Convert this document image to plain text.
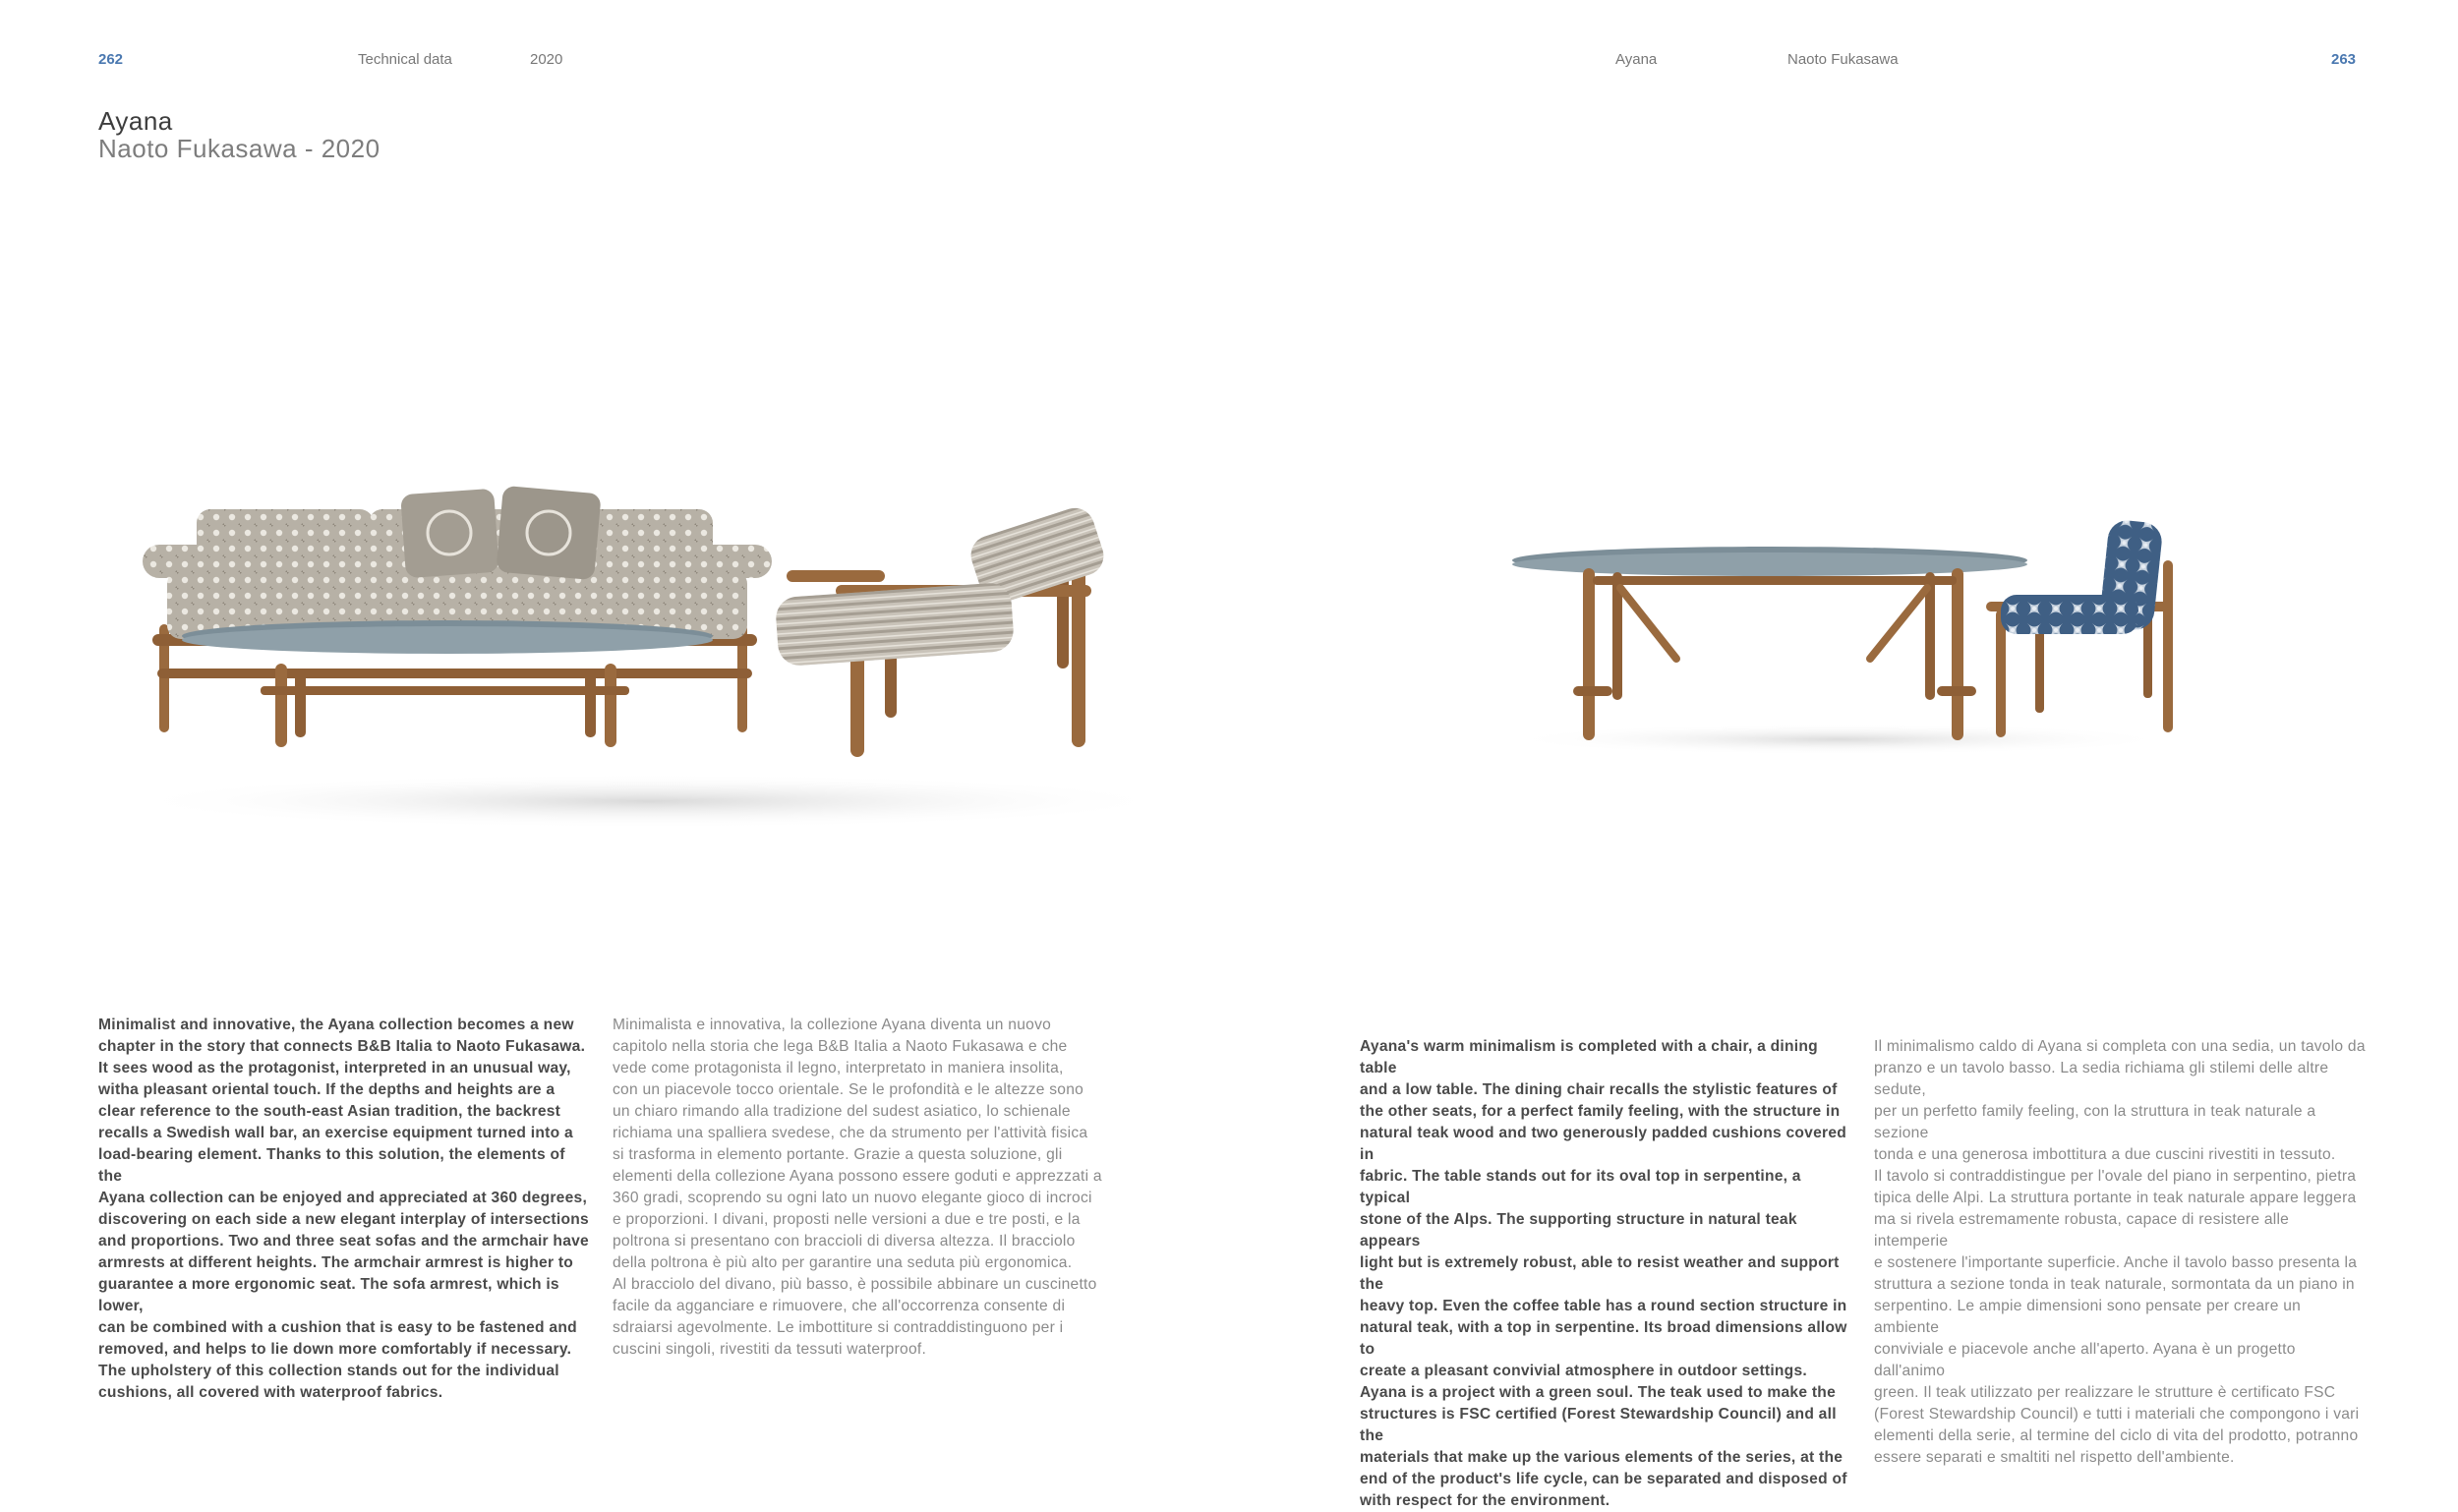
262	Technical data	2020
Ayana
Naoto Fukasawa - 2020
Ayana	Naoto Fukasawa	263

Minimalist and innovative, the Ayana collection becomes a new

chapter in the story that connects B&B Italia to Naoto Fukasawa.

It sees wood as the protagonist, interpreted in an unusual way,

witha pleasant oriental touch. If the depths and heights are a

clear reference to the south-east Asian tradition, the backrest

recalls a Swedish wall bar, an exercise equipment turned into a

load-bearing element. Thanks to this solution, the elements of the

Ayana collection can be enjoyed and appreciated at 360 degrees,

discovering on each side a new elegant interplay of intersections

and proportions. Two and three seat sofas and the armchair have

armrests at different heights. The armchair armrest is higher to

guarantee a more ergonomic seat. The sofa armrest, which is lower,

can be combined with a cushion that is easy to be fastened and

removed, and helps to lie down more comfortably if necessary.

The upholstery of this collection stands out for the individual

cushions, all covered with waterproof fabrics.

Minimalista e innovativa, la collezione Ayana diventa un nuovo

capitolo nella storia che lega B&B Italia a Naoto Fukasawa e che

vede come protagonista il legno, interpretato in maniera insolita,

con un piacevole tocco orientale. Se le profondità e le altezze sono

un chiaro rimando alla tradizione del sudest asiatico, lo schienale

richiama una spalliera svedese, che da strumento per l'attività fisica

si trasforma in elemento portante. Grazie a questa soluzione, gli

elementi della collezione Ayana possono essere goduti e apprezzati a

360 gradi, scoprendo su ogni lato un nuovo elegante gioco di incroci

e proporzioni. I divani, proposti nelle versioni a due e tre posti, e la

poltrona si presentano con braccioli di diversa altezza. Il bracciolo

della poltrona è più alto per garantire una seduta più ergonomica.

Al bracciolo del divano, più basso, è possibile abbinare un cuscinetto

facile da agganciare e rimuovere, che all'occorrenza consente di

sdraiarsi agevolmente. Le imbottiture si contraddistinguono per i

cuscini singoli, rivestiti da tessuti waterproof.

Ayana's warm minimalism is completed with a chair, a dining table

and a low table. The dining chair recalls the stylistic features of

the other seats, for a perfect family feeling, with the structure in

natural teak wood and two generously padded cushions covered in

fabric. The table stands out for its oval top in serpentine, a typical

stone of the Alps. The supporting structure in natural teak appears

light but is extremely robust, able to resist weather and support the

heavy top. Even the coffee table has a round section structure in

natural teak, with a top in serpentine. Its broad dimensions allow to

create a pleasant convivial atmosphere in outdoor settings.

Ayana is a project with a green soul. The teak used to make the

structures is FSC certified (Forest Stewardship Council) and all the

materials that make up the various elements of the series, at the

end of the product's life cycle, can be separated and disposed of

with respect for the environment.

Il minimalismo caldo di Ayana si completa con una sedia, un tavolo da

pranzo e un tavolo basso. La sedia richiama gli stilemi delle altre sedute,

per un perfetto family feeling, con la struttura in teak naturale a sezione

tonda e una generosa imbottitura a due cuscini rivestiti in tessuto.

Il tavolo si contraddistingue per l'ovale del piano in serpentino, pietra

tipica delle Alpi. La struttura portante in teak naturale appare leggera

ma si rivela estremamente robusta, capace di resistere alle intemperie

e sostenere l'importante superficie. Anche il tavolo basso presenta la

struttura a sezione tonda in teak naturale, sormontata da un piano in

serpentino. Le ampie dimensioni sono pensate per creare un ambiente

conviviale e piacevole anche all'aperto. Ayana è un progetto dall'animo

green. Il teak utilizzato per realizzare le strutture è certificato FSC

(Forest Stewardship Council) e tutti i materiali che compongono i vari

elementi della serie, al termine del ciclo di vita del prodotto, potranno

essere separati e smaltiti nel rispetto dell'ambiente.
